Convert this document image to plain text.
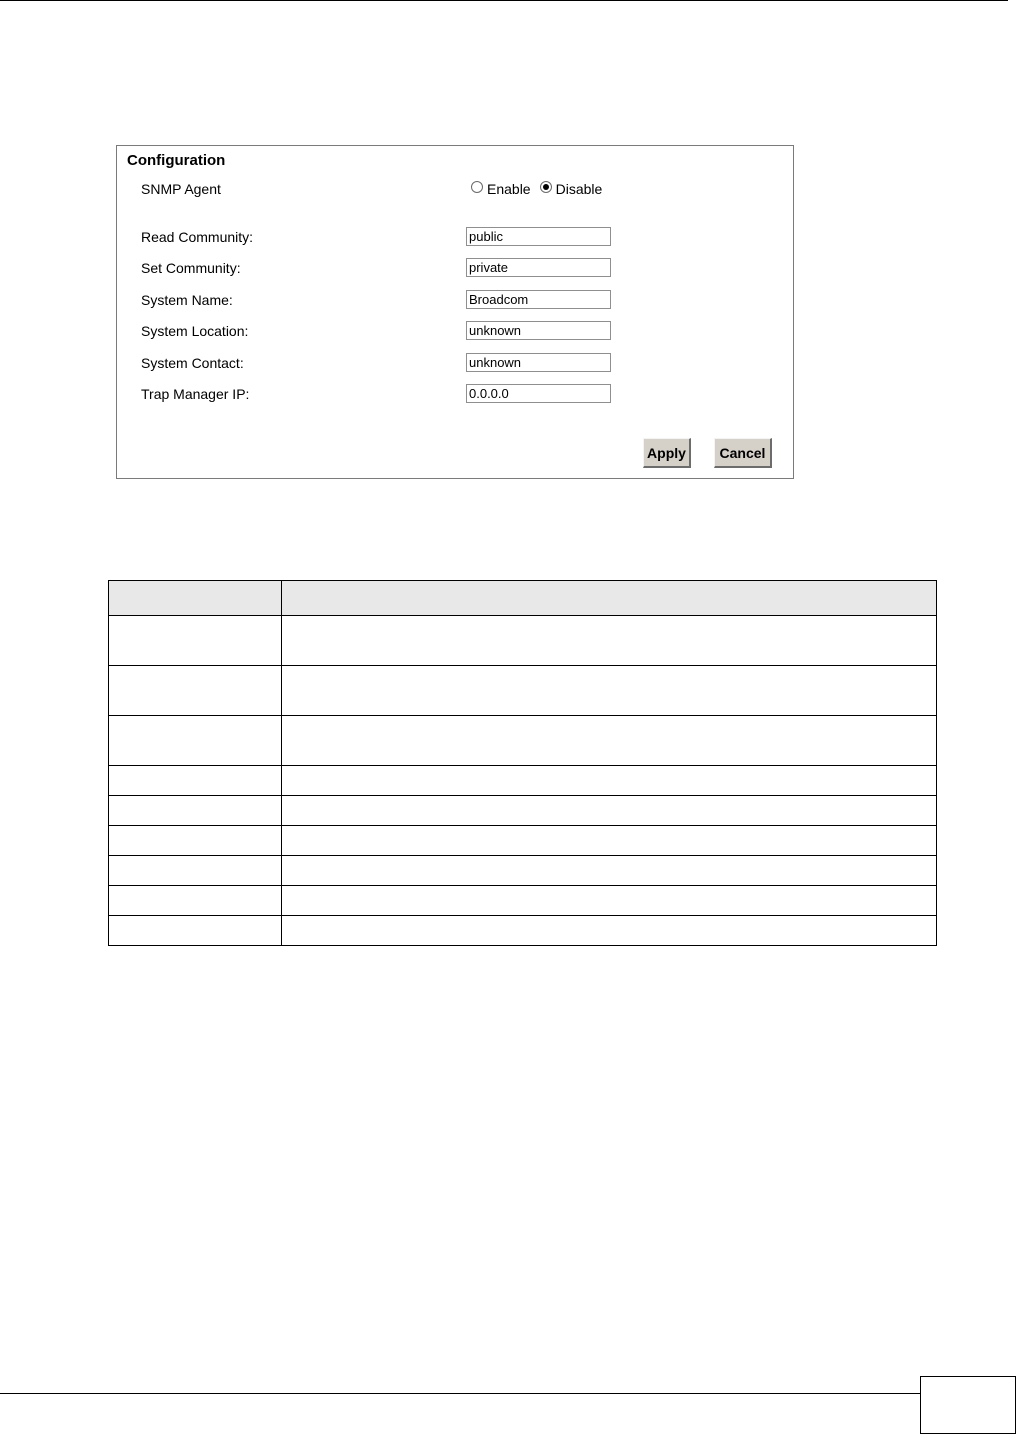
Configuration
SNMP Agent	Enable Disable
Read Community:	public
Set Community:	private
System Name:	Broadcom
System Location:	unknown
System Contact:	unknown
Trap Manager IP:	0.0.0.0
Apply	Cancel
